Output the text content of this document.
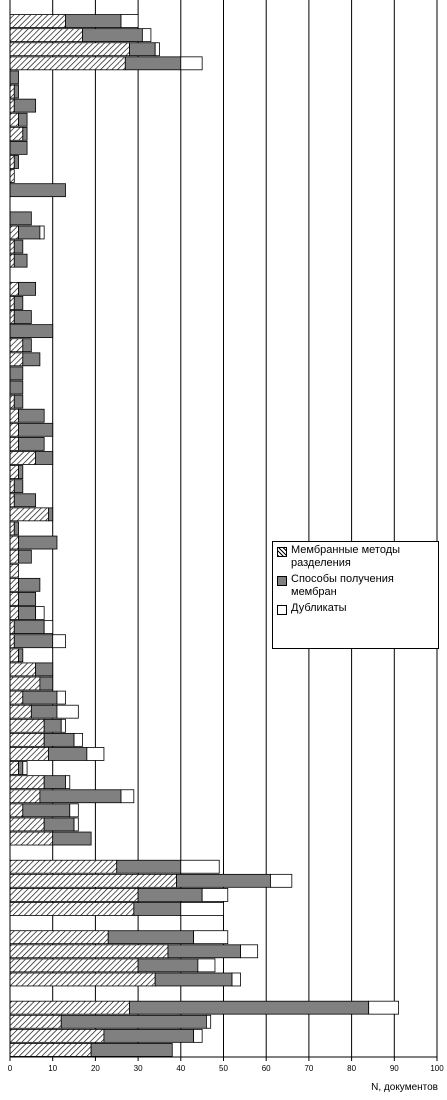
0	10	20	30	40	50	60	70	80	90	100
N, документов
Мембранные методы разделения
Способы получения мембран
Дубликаты
